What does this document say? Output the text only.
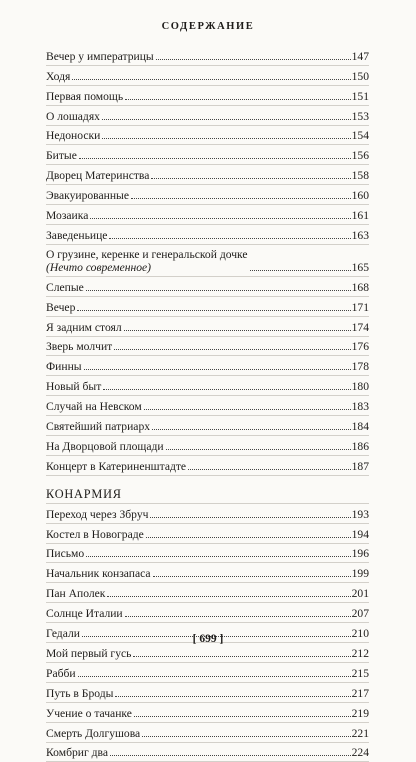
СОДЕРЖАНИЕ
Вечер у императрицы	147
Ходя	150
Первая помощь	151
О лошадях	153
Недоноски	154
Битые	156
Дворец Материнства	158
Эвакуированные	160
Мозаика	161
Заведеньице	163
О грузине, керенке и генеральской дочке
(Нечто современное)	165
Слепые	168
Вечер	171
Я задним стоял	174
Зверь молчит	176
Финны	178
Новый быт	180
Случай на Невском	183
Святейший патриарх	184
На Дворцовой площади	186
Концерт в Катериненштадте	187
КОНАРМИЯ
Переход через Збруч	193
Костел в Новограде	194
Письмо	196
Начальник конзапаса	199
Пан Аполек	201
Солнце Италии	207
Гедали	210
Мой первый гусь	212
Рабби	215
Путь в Броды	217
Учение о тачанке	219
Смерть Долгушова	221
Комбриг два	224
[ 699 ]
